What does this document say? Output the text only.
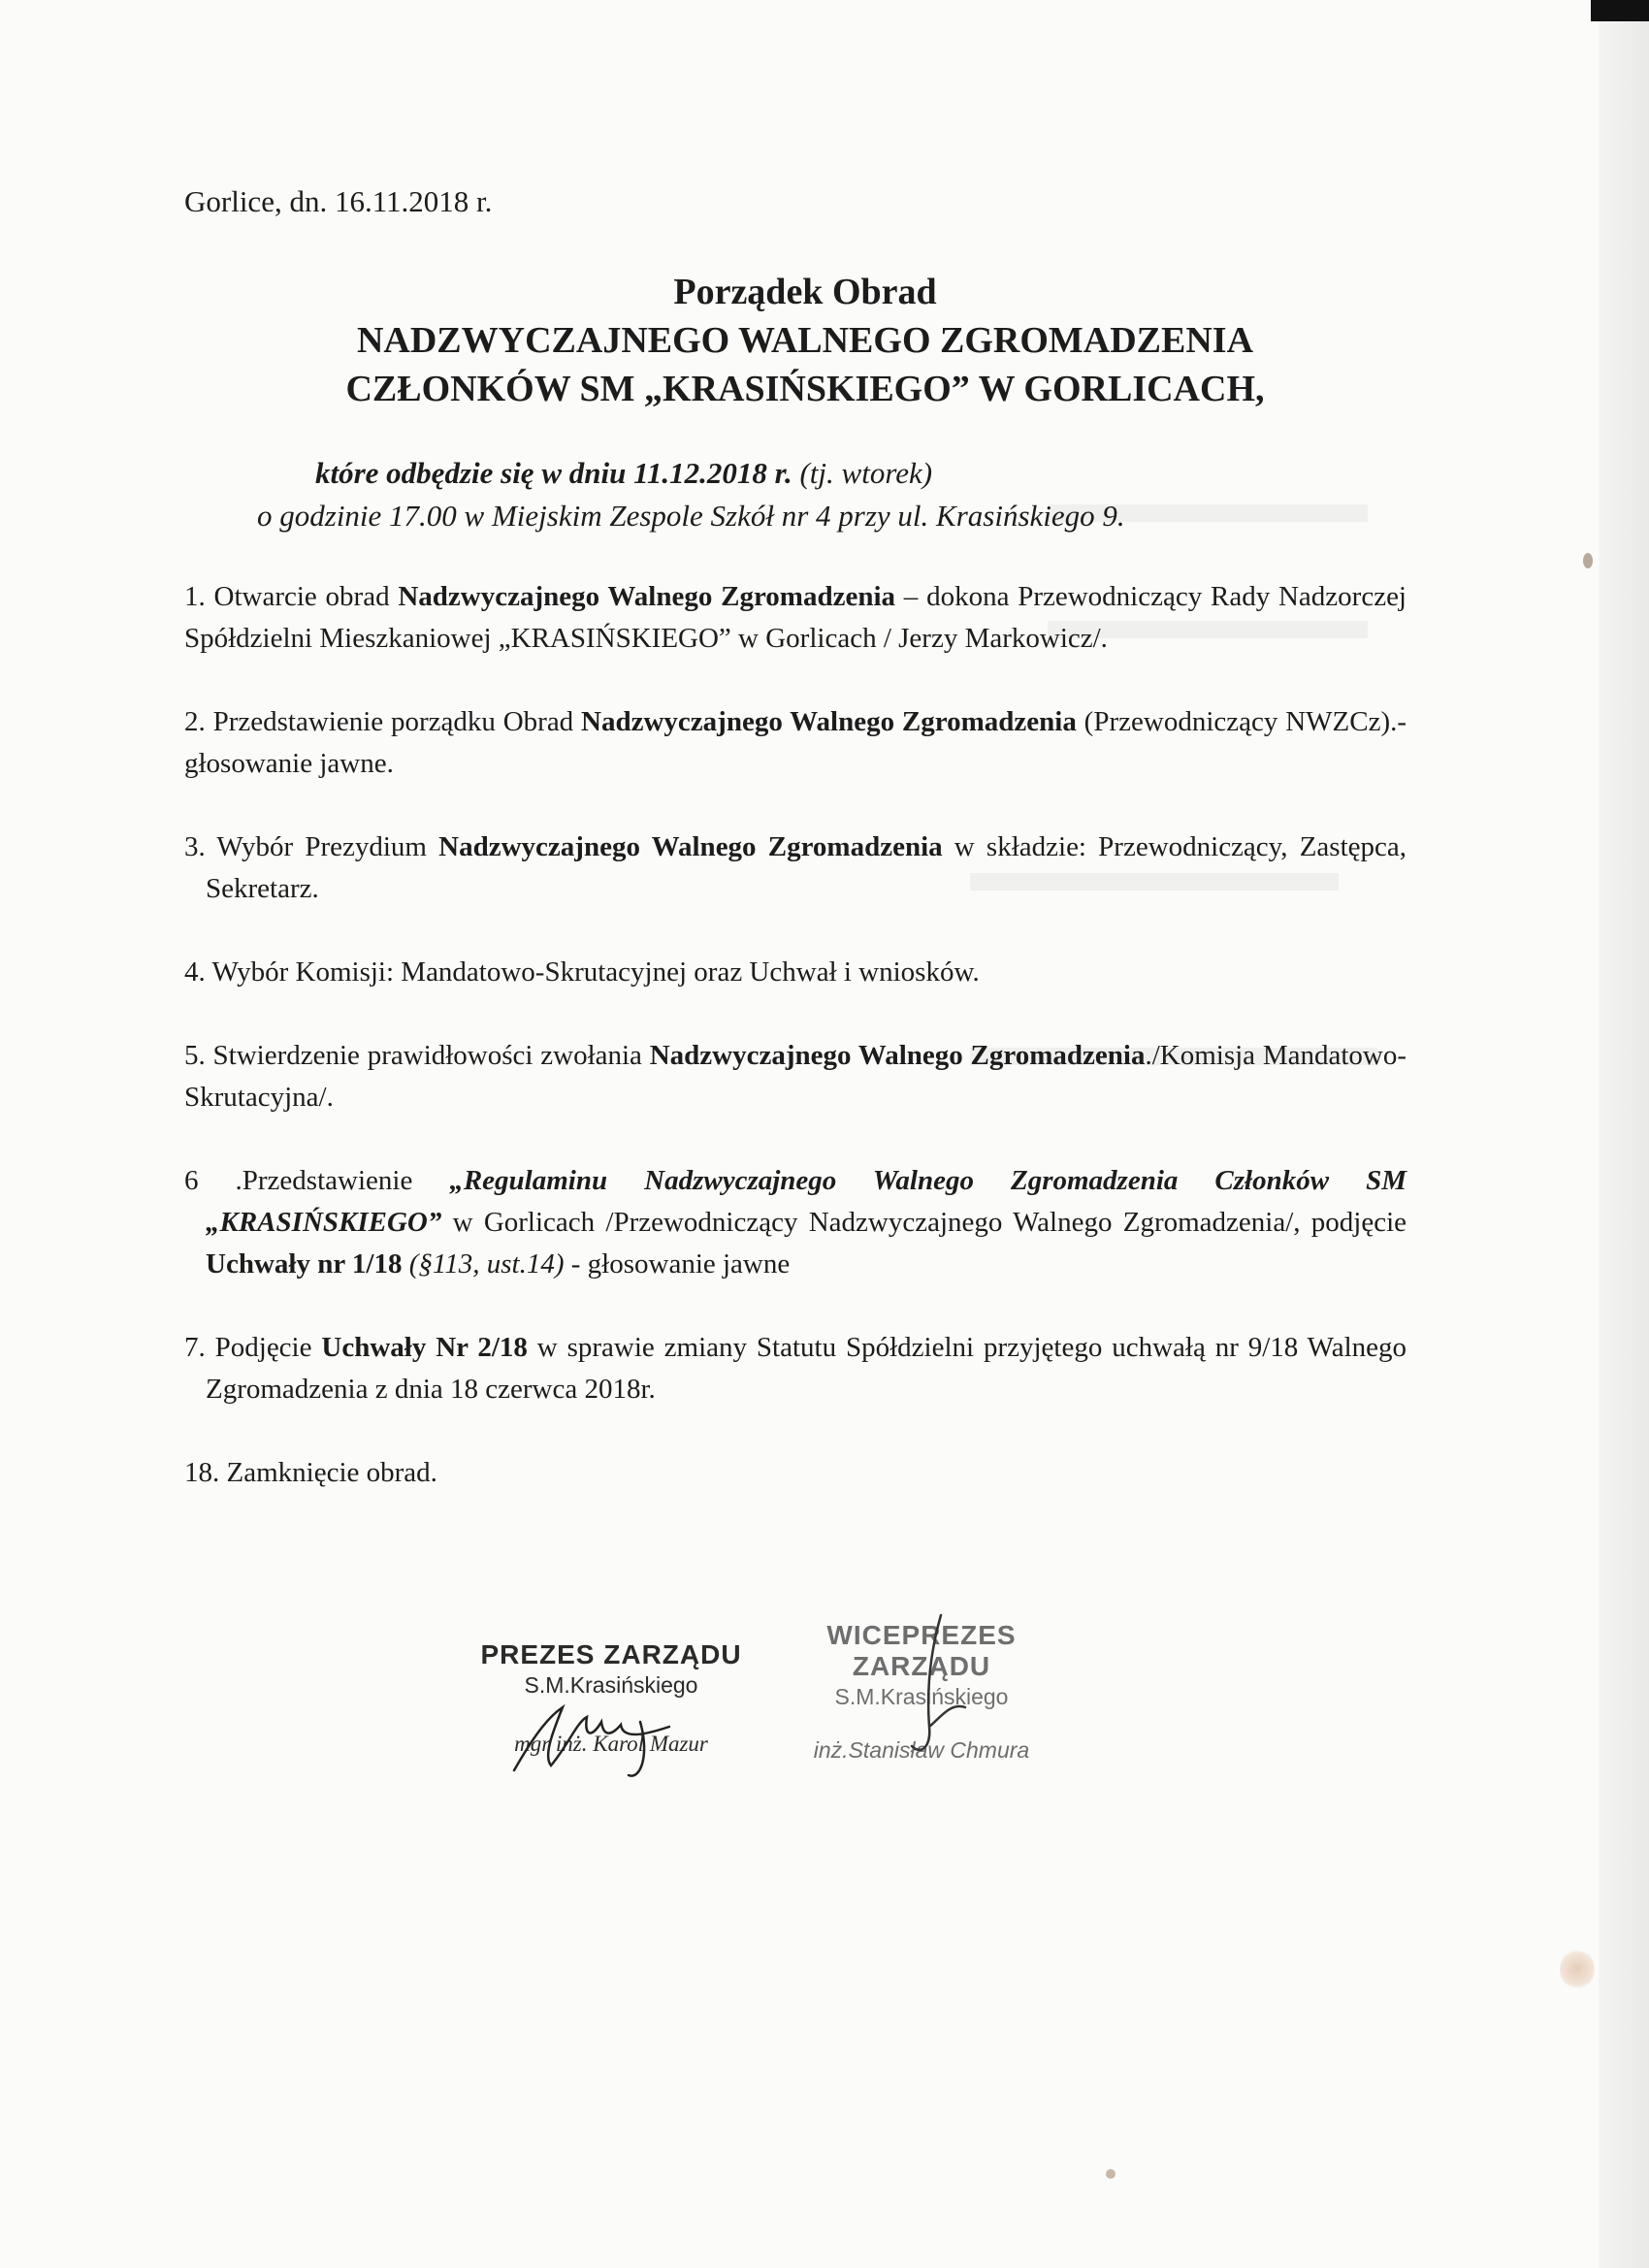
Gorlice, dn. 16.11.2018 r.
Porządek Obrad
NADZWYCZAJNEGO WALNEGO ZGROMADZENIA
CZŁONKÓW SM „KRASIŃSKIEGO” W GORLICACH,
które odbędzie się w dniu 11.12.2018 r. (tj. wtorek)
o godzinie 17.00 w Miejskim Zespole Szkół nr 4 przy ul. Krasińskiego 9.
1. Otwarcie obrad Nadzwyczajnego Walnego Zgromadzenia – dokona Przewodniczący Rady Nadzorczej Spółdzielni Mieszkaniowej „KRASIŃSKIEGO” w Gorlicach / Jerzy Markowicz/.
2. Przedstawienie porządku Obrad Nadzwyczajnego Walnego Zgromadzenia (Przewodniczący NWZCz).- głosowanie jawne.
3. Wybór Prezydium Nadzwyczajnego Walnego Zgromadzenia w składzie: Przewodniczący, Zastępca, Sekretarz.
4. Wybór Komisji: Mandatowo-Skrutacyjnej oraz Uchwał i wniosków.
5. Stwierdzenie prawidłowości zwołania Nadzwyczajnego Walnego Zgromadzenia./Komisja Mandatowo- Skrutacyjna/.
6 .Przedstawienie „Regulaminu Nadzwyczajnego Walnego Zgromadzenia Członków SM „KRASIŃSKIEGO” w Gorlicach /Przewodniczący Nadzwyczajnego Walnego Zgromadzenia/, podjęcie Uchwały nr 1/18 (§113, ust.14) - głosowanie jawne
7. Podjęcie Uchwały Nr 2/18 w sprawie zmiany Statutu Spółdzielni przyjętego uchwałą nr 9/18 Walnego Zgromadzenia z dnia 18 czerwca 2018r.
18. Zamknięcie obrad.
PREZES ZARZĄDU
S.M.Krasińskiego
mgr inż. Karol Mazur
WICEPREZES ZARZĄDU
S.M.Krasińskiego
inż.Stanisław Chmura
